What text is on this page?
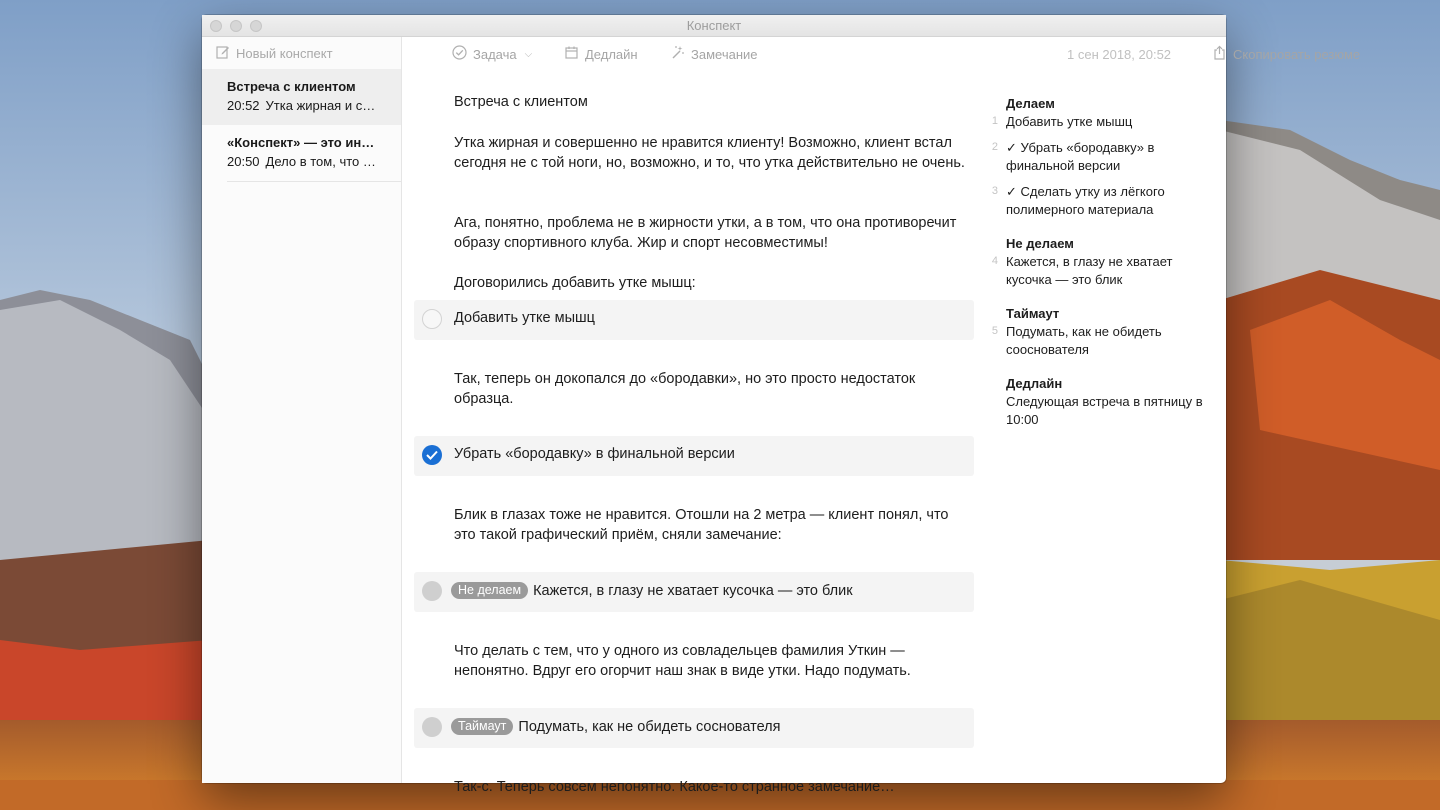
Конспект
Новый конспект
Встреча с клиентом
20:52 Утка жирная и с…
«Конспект» — это ин…
20:50 Дело в том, что …
Задача ⌵	Дедлайн	Замечание	1 сен 2018, 20:52	Скопировать резюме
Встреча с клиентом
Утка жирная и совершенно не нравится клиенту! Возможно, клиент встал сегодня не с той ноги, но, возможно, и то, что утка действительно не очень.
Ага, понятно, проблема не в жирности утки, а в том, что она противоречит образу спортивного клуба. Жир и спорт несовместимы!
Договорились добавить утке мышц:
Добавить утке мышц
Так, теперь он докопался до «бородавки», но это просто недостаток образца.
Убрать «бородавку» в финальной версии
Блик в глазах тоже не нравится. Отошли на 2 метра — клиент понял, что это такой графический приём, сняли замечание:
Не делаем Кажется, в глазу не хватает кусочка — это блик
Что делать с тем, что у одного из совладельцев фамилия Уткин — непонятно. Вдруг его огорчит наш знак в виде утки. Надо подумать.
Таймаут Подумать, как не обидеть соснователя
Так-с. Теперь совсем непонятно. Какое-то странное замечание…
Делаем
1 Добавить утке мышц
2 ✓ Убрать «бородавку» в финальной версии
3 ✓ Сделать утку из лёгкого полимерного материала
Не делаем
4 Кажется, в глазу не хватает кусочка — это блик
Таймаут
5 Подумать, как не обидеть сооснователя
Дедлайн
Следующая встреча в пятницу в 10:00
